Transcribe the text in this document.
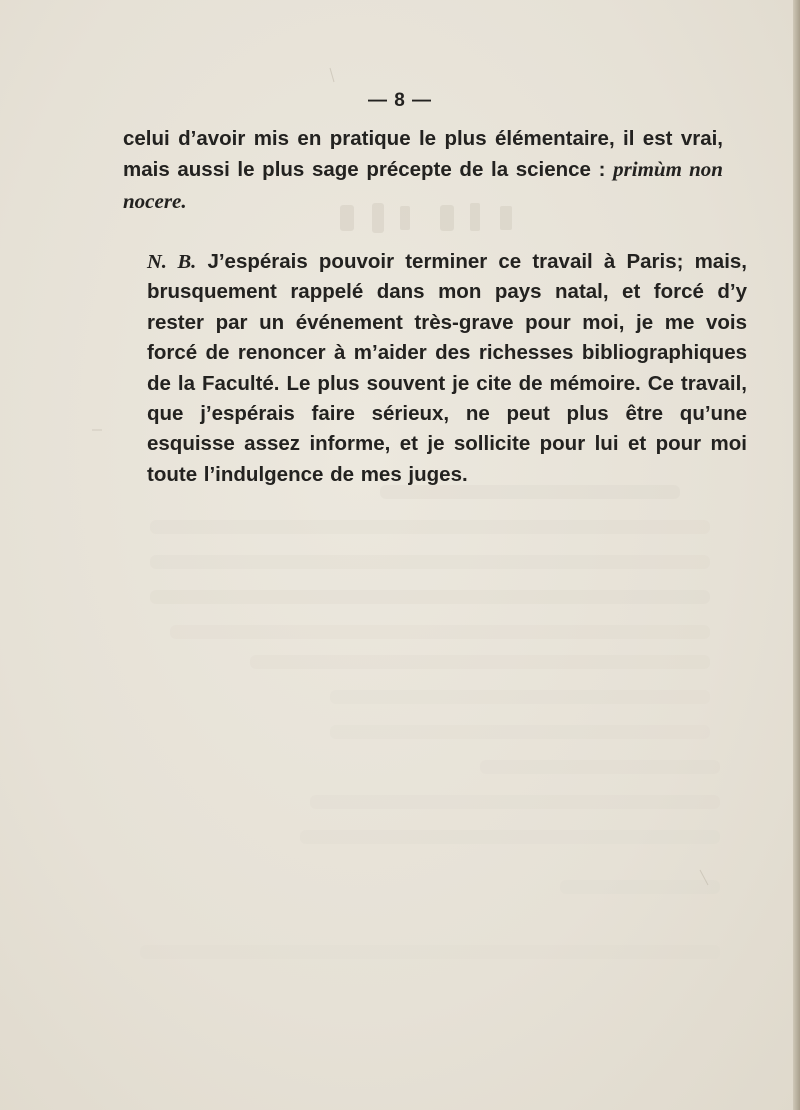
— 8 —
celui d’avoir mis en pratique le plus élémentaire, il est vrai, mais aussi le plus sage précepte de la science : primùm non nocere.
N. B. J’espérais pouvoir terminer ce travail à Paris; mais, brusquement rappelé dans mon pays natal, et forcé d’y rester par un événement très-grave pour moi, je me vois forcé de renoncer à m’aider des richesses bibliographiques de la Faculté. Le plus souvent je cite de mémoire. Ce travail, que j’espérais faire sérieux, ne peut plus être qu’une esquisse assez informe, et je sollicite pour lui et pour moi toute l’indulgence de mes juges.
